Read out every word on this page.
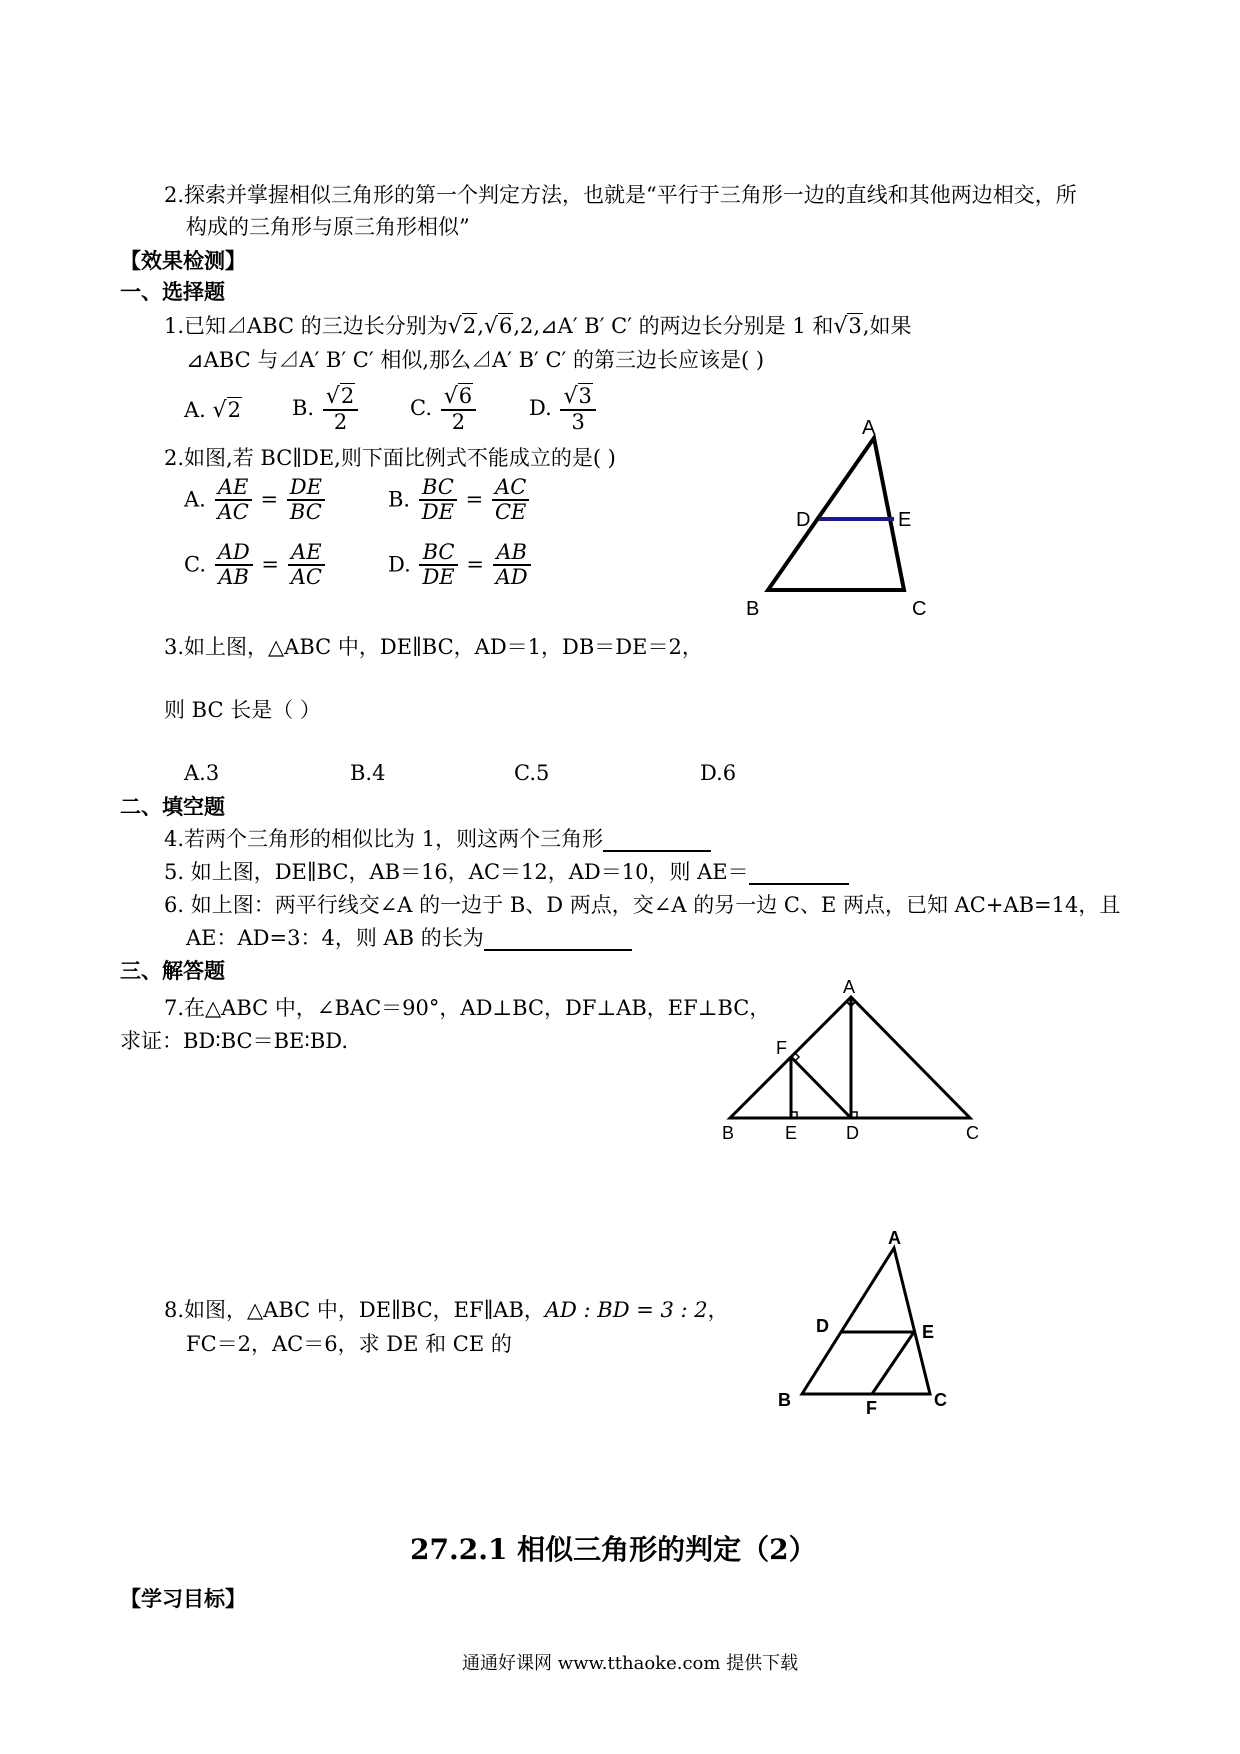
2.探索并掌握相似三角形的第一个判定方法，也就是“平行于三角形一边的直线和其他两边相交，所
构成的三角形与原三角形相似”
【效果检测】
一、选择题
1.已知⊿ABC 的三边长分别为√2,√6,2,⊿A′ B′ C′ 的两边长分别是 1 和√3,如果
⊿ABC 与⊿A′ B′ C′ 相似,那么⊿A′ B′ C′ 的第三边长应该是( )
A. √2 B. $\frac{√2}{2} C$. $\frac{√6}{2}$	D. $\frac{√3}{3}$
2.如图,若 BC∥DE,则下面比例式不能成立的是( )
A. $\frac{AE}{AC} = \frac{DE}{BC}$	B. $\frac{BC}{DE} = \frac{AC}{CE}$
C. $\frac{AD}{AB} = \frac{AE}{AC}$	D. $\frac{BC}{DE} = \frac{AB}{AD}$
A
B	C
D	E
3.如上图，△ABC 中，DE∥BC，AD＝1，DB＝DE＝2，
则 BC 长是（ ）
A.3	B.4	C.5	D.6
二、填空题
4.若两个三角形的相似比为 1，则这两个三角形
5. 如上图，DE∥BC，AB＝16，AC＝12，AD＝10，则 AE＝
6. 如上图：两平行线交∠A 的一边于 B、D 两点，交∠A 的另一边 C、E 两点，已知 AC+AB=14，且
AE：AD=3：4，则 AB 的长为
三、解答题
7.在△ABC 中，∠BAC＝90°，AD⊥BC，DF⊥AB，EF⊥BC，
求证：BD∶BC＝BE∶BD.
A
B	C
D
E
F
8.如图，△ABC 中，DE∥BC，EF∥AB，AD : BD = 3 : 2，
FC＝2，AC＝6，求 DE 和 CE 的
A
B	C
D	E
F
27.2.1 相似三角形的判定（2）
【学习目标】
通通好课网 www.tthaoke.com 提供下载
